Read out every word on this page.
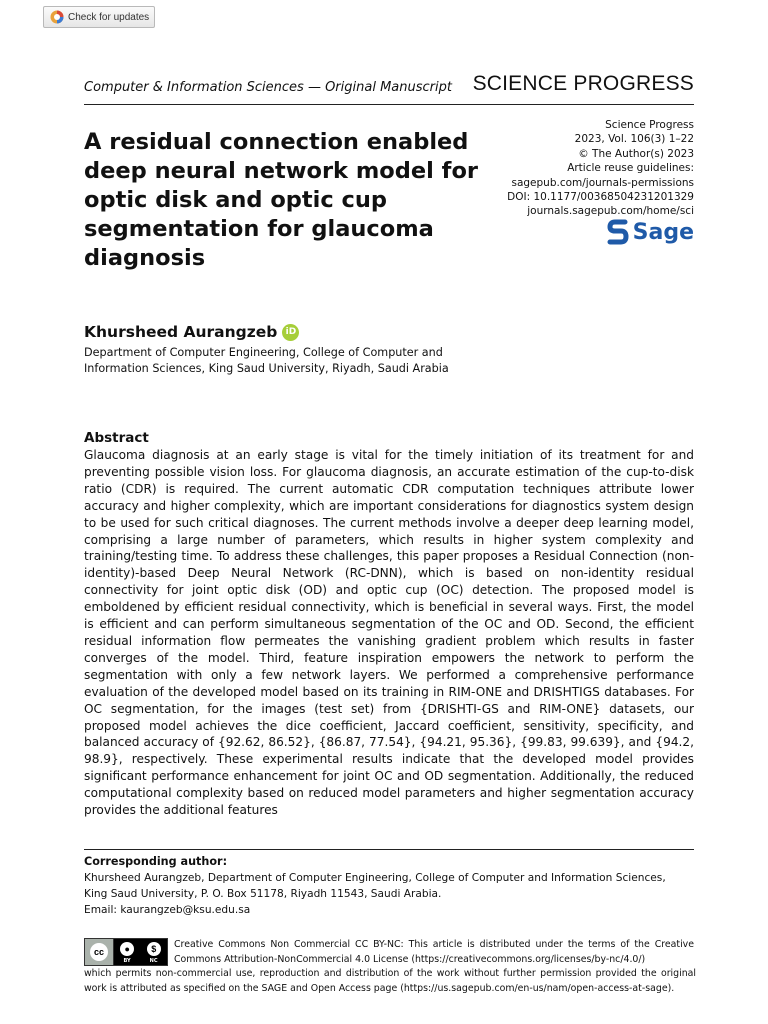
Check for updates
Computer & Information Sciences — Original Manuscript SCIENCE PROGRESS
A residual connection enabled deep neural network model for optic disk and optic cup segmentation for glaucoma diagnosis
Science Progress
2023, Vol. 106(3) 1–22
© The Author(s) 2023
Article reuse guidelines:
sagepub.com/journals-permissions
DOI: 10.1177/00368504231201329
journals.sagepub.com/home/sci
Sage
Khursheed Aurangzeb iD
Department of Computer Engineering, College of Computer and Information Sciences, King Saud University, Riyadh, Saudi Arabia
Abstract

Glaucoma diagnosis at an early stage is vital for the timely initiation of its treatment for and preventing possible vision loss. For glaucoma diagnosis, an accurate estimation of the cup-to-disk ratio (CDR) is required. The current automatic CDR computation techniques attribute lower accuracy and higher complexity, which are important considerations for diagnostics system design to be used for such critical diagnoses. The current methods involve a deeper deep learning model, comprising a large number of parameters, which results in higher system complexity and training/testing time. To address these challenges, this paper proposes a Residual Connection (non-identity)-based Deep Neural Network (RC-DNN), which is based on non-identity residual connectivity for joint optic disk (OD) and optic cup (OC) detection. The proposed model is emboldened by efficient residual connectivity, which is beneficial in several ways. First, the model is efficient and can perform simultaneous segmentation of the OC and OD. Second, the efficient residual information flow permeates the vanishing gradient problem which results in faster converges of the model. Third, feature inspiration empowers the network to perform the segmentation with only a few network layers. We performed a comprehensive performance evaluation of the developed model based on its training in RIM-ONE and DRISHTIGS databases. For OC segmentation, for the images (test set) from {DRISHTI-GS and RIM-ONE} datasets, our proposed model achieves the dice coefficient, Jaccard coefficient, sensitivity, specificity, and balanced accuracy of {92.62, 86.52}, {86.87, 77.54}, {94.21, 95.36}, {99.83, 99.639}, and {94.2, 98.9}, respectively. These experimental results indicate that the developed model provides significant performance enhancement for joint OC and OD segmentation. Additionally, the reduced computational complexity based on reduced model parameters and higher segmentation accuracy provides the additional features

Corresponding author:
Khursheed Aurangzeb, Department of Computer Engineering, College of Computer and Information Sciences,
King Saud University, P. O. Box 51178, Riyadh 11543, Saudi Arabia.
Email: kaurangzeb@ksu.edu.sa
cc	●	$
BY	NC
Creative Commons Non Commercial CC BY-NC: This article is distributed under the terms of the Creative Commons Attribution-NonCommercial 4.0 License (https://creativecommons.org/licenses/by-nc/4.0/)
which permits non-commercial use, reproduction and distribution of the work without further permission provided the original work is attributed as specified on the SAGE and Open Access page (https://us.sagepub.com/en-us/nam/open-access-at-sage).
